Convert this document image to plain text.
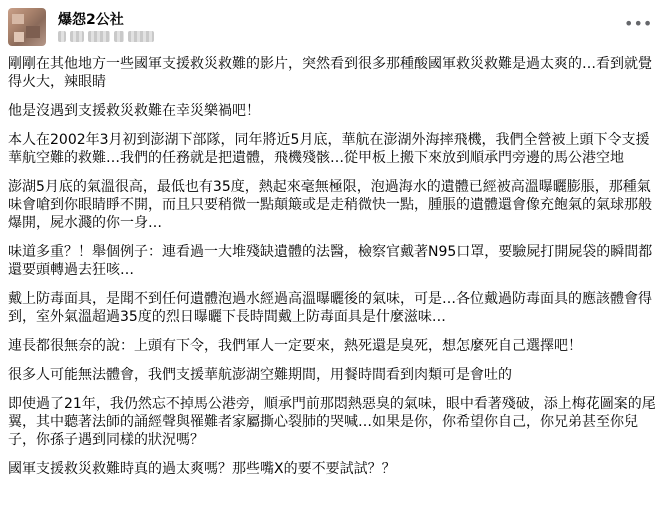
爆怨2公社	•••

剛剛在其他地方一些國軍支援救災救難的影片，突然看到很多那種酸國軍救災救難是過太爽的…看到就覺得火大，辣眼睛

他是沒遇到支援救災救難在幸災樂禍吧！

本人在2002年3月初到澎湖下部隊，同年將近5月底，華航在澎湖外海摔飛機，我們全營被上頭下令支援華航空難的救難…我們的任務就是把遺體，飛機殘骸…從甲板上搬下來放到順承門旁邊的馬公港空地

澎湖5月底的氣溫很高，最低也有35度，熱起來毫無極限，泡過海水的遺體已經被高溫曝曬膨脹，那種氣味會嗆到你眼睛睜不開，而且只要稍微一點顛簸或是走稍微快一點，腫脹的遺體還會像充飽氣的氣球那般爆開，屍水濺的你一身…

味道多重？！舉個例子：連看過一大堆殘缺遺體的法醫，檢察官戴著N95口罩，要驗屍打開屍袋的瞬間都還要頭轉過去狂咳…

戴上防毒面具，是聞不到任何遺體泡過水經過高溫曝曬後的氣味，可是…各位戴過防毒面具的應該體會得到，室外氣溫超過35度的烈日曝曬下長時間戴上防毒面具是什麼滋味…

連長都很無奈的說：上頭有下令，我們軍人一定要來，熱死還是臭死，想怎麼死自己選擇吧！

很多人可能無法體會，我們支援華航澎湖空難期間，用餐時間看到肉類可是會吐的

即使過了21年，我仍然忘不掉馬公港旁，順承門前那悶熱惡臭的氣味，眼中看著殘破，添上梅花圖案的尾翼，其中聽著法師的誦經聲與罹難者家屬撕心裂肺的哭喊…如果是你，你希望你自己，你兄弟甚至你兒子，你孫子遇到同樣的狀況嗎？

國軍支援救災救難時真的過太爽嗎？那些嘴X的要不要試試？？
